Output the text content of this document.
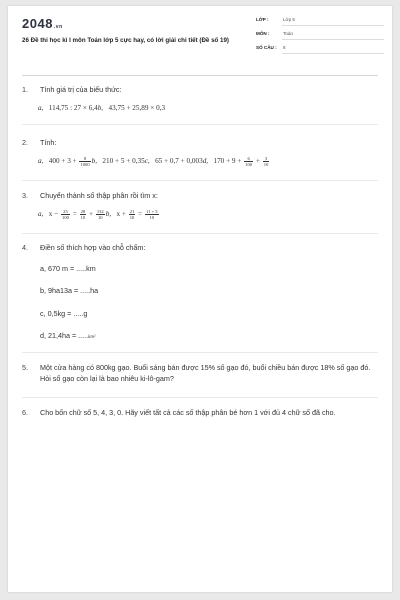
2048.vn
26 Đề thi học kì I môn Toán lớp 5 cực hay, có lời giải chi tiết (Đề số 19)
LỚP :	Lớp 5
MÔN :	Toán
SỐ CÂU : 6
1. Tính giá trị của biểu thức:
a, 114,75 : 27 × 6,4b, 43,75 + 25,89 × 0,3
2. Tính:
a, $400 + 3 + \frac{8}{1000} b$, 210 + 5 + 0,35c, 65 + 0,7 + 0,003d, $170 + 9 + \frac{6}{100} + \frac{3}{10}$
3. Chuyển thành số thập phân rồi tìm x:
a, $x - \frac{25}{100} = \frac{28}{10} + \frac{132}{10} b$, $x + \frac{21}{10} = \frac{11 + 5}{10}$
4. Điền số thích hợp vào chỗ chấm:
a, 670 m = .....km
b, 9ha13a = .....ha
c, 0,5kg = .....g
d, 21,4ha = .....km²
5. Một cửa hàng có 800kg gạo. Buổi sáng bán được 15% số gạo đó, buổi chiều bán được 18% số gạo đó. Hỏi số gạo còn lại là bao nhiêu ki-lô-gam?
6. Cho bốn chữ số 5, 4, 3, 0. Hãy viết tất cả các số thập phân bé hơn 1 với đủ 4 chữ số đã cho.
